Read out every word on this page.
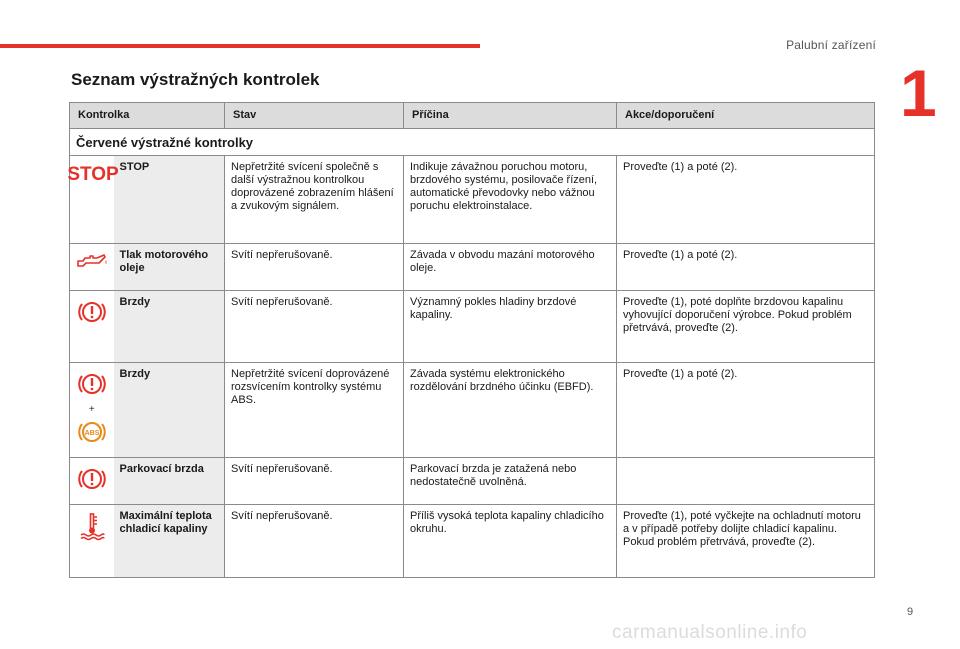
Palubní zařízení
1
Seznam výstražných kontrolek
Kontrolka		Stav	Příčina	Akce/doporučení
Červené výstražné kontrolky				

STOP	STOP	Nepřetržité svícení společně s další výstražnou kontrolkou doprovázené zobrazením hlášení a zvukovým signálem.	Indikuje závažnou poruchou motoru, brzdového systému, posilovače řízení, automatické převodovky nebo vážnou poruchu elektroinstalace.	Proveďte (1) a poté (2).
	Tlak motorového oleje	Svítí nepřerušovaně.	Závada v obvodu mazání motorového oleje.	Proveďte (1) a poté (2).
	Brzdy	Svítí nepřerušovaně.	Významný pokles hladiny brzdové kapaliny.	Proveďte (1), poté doplňte brzdovou kapalinu vyhovující doporučení výrobce. Pokud problém přetrvává, proveďte (2).

+
ABS	Brzdy	Nepřetržité svícení doprovázené rozsvícením kontrolky systému ABS.	Závada systému elektronického rozdělování brzdného účinku (EBFD).	Proveďte (1) a poté (2).
	Parkovací brzda	Svítí nepřerušovaně.	Parkovací brzda je zatažená nebo nedostatečně uvolněná.	
	Maximální teplota chladicí kapaliny	Svítí nepřerušovaně.	Příliš vysoká teplota kapaliny chladicího okruhu.	Proveďte (1), poté vyčkejte na ochladnutí motoru a v případě potřeby dolijte chladicí kapalinu. Pokud problém přetrvává, proveďte (2).
9
carmanualsonline.info
